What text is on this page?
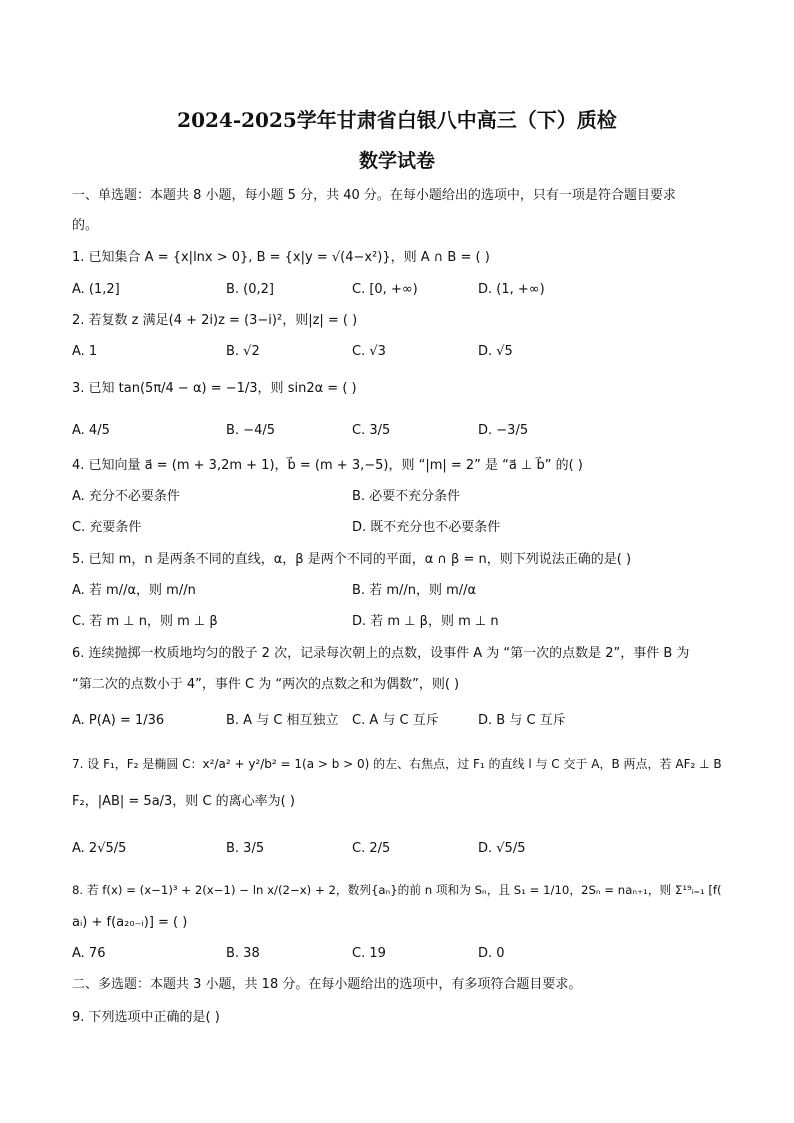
2024-2025学年甘肃省白银八中高三（下）质检
数学试卷
一、单选题：本题共 8 小题，每小题 5 分，共 40 分。在每小题给出的选项中，只有一项是符合题目要求
的。
1. 已知集合 A = {x|lnx > 0}, B = {x|y = √(4−x²)}，则 A ∩ B = ( )
A. (1,2]	B. (0,2]	C. [0, +∞)	D. (1, +∞)
2. 若复数 z 满足(4 + 2i)z = (3−i)²，则|z| = ( )
A. 1	B. √2	C. √3	D. √5
3. 已知 tan(5π/4 − α) = −1/3，则 sin2α = ( )
A. 4/5	B. −4/5	C. 3/5	D. −3/5
4. 已知向量 a⃗ = (m + 3,2m + 1)，b⃗ = (m + 3,−5)，则 “|m| = 2” 是 “a⃗ ⊥ b⃗” 的( )
A. 充分不必要条件	B. 必要不充分条件
C. 充要条件	D. 既不充分也不必要条件
5. 已知 m，n 是两条不同的直线，α，β 是两个不同的平面，α ∩ β = n，则下列说法正确的是( )
A. 若 m//α，则 m//n	B. 若 m//n，则 m//α
C. 若 m ⊥ n，则 m ⊥ β	D. 若 m ⊥ β，则 m ⊥ n
6. 连续抛掷一枚质地均匀的骰子 2 次，记录每次朝上的点数，设事件 A 为 “第一次的点数是 2”，事件 B 为
“第二次的点数小于 4”，事件 C 为 “两次的点数之和为偶数”，则( )
A. P(A) = 1/36	B. A 与 C 相互独立 C. A 与 C 互斥	D. B 与 C 互斥
7. 设 F₁，F₂ 是椭圆 C：x²/a² + y²/b² = 1(a > b > 0) 的左、右焦点，过 F₁ 的直线 l 与 C 交于 A，B 两点，若 AF₂ ⊥ B
F₂，|AB| = 5a/3，则 C 的离心率为( )
A. 2√5/5	B. 3/5	C. 2/5	D. √5/5
8. 若 f(x) = (x−1)³ + 2(x−1) − ln x/(2−x) + 2，数列{aₙ}的前 n 项和为 Sₙ，且 S₁ = 1/10，2Sₙ = naₙ₊₁，则 Σ¹⁹ᵢ₌₁ [f(
aᵢ) + f(a₂₀₋ᵢ)] = ( )
A. 76	B. 38	C. 19	D. 0
二、多选题：本题共 3 小题，共 18 分。在每小题给出的选项中，有多项符合题目要求。
9. 下列选项中正确的是( )
